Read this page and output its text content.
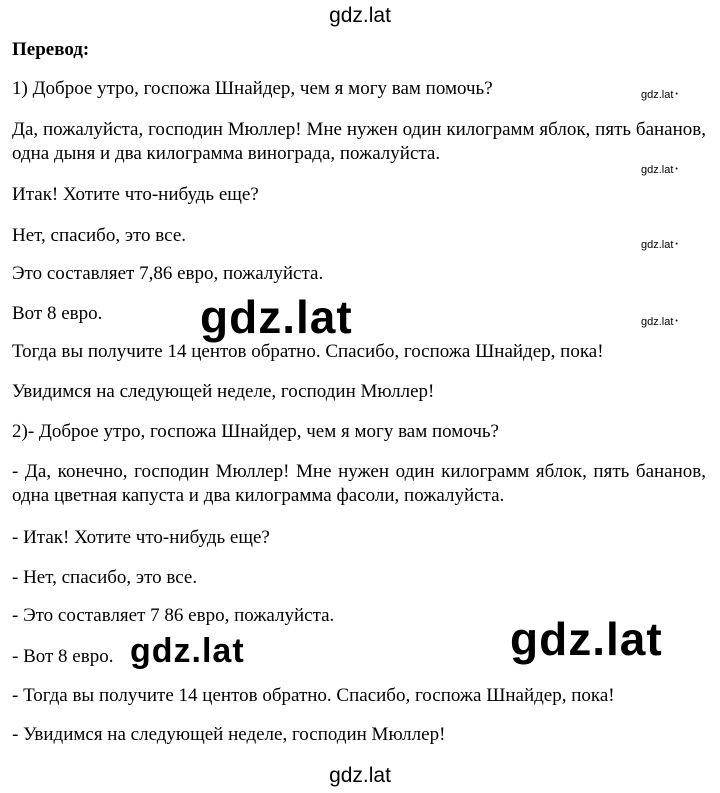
gdz.lat
Перевод:
1) Доброе утро, госпожа Шнайдер, чем я могу вам помочь?
Да, пожалуйста, господин Мюллер! Мне нужен один килограмм яблок, пять бананов, одна дыня и два килограмма винограда, пожалуйста.
Итак! Хотите что-нибудь еще?
Нет, спасибо, это все.
Это составляет 7,86 евро, пожалуйста.
Вот 8 евро.
Тогда вы получите 14 центов обратно. Спасибо, госпожа Шнайдер, пока!
Увидимся на следующей неделе, господин Мюллер!
2)- Доброе утро, госпожа Шнайдер, чем я могу вам помочь?
- Да, конечно, господин Мюллер! Мне нужен один килограмм яблок, пять бананов, одна цветная капуста и два килограмма фасоли, пожалуйста.
- Итак! Хотите что-нибудь еще?
- Нет, спасибо, это все.
- Это составляет 7 86 евро, пожалуйста.
- Вот 8 евро.
- Тогда вы получите 14 центов обратно. Спасибо, госпожа Шнайдер, пока!
- Увидимся на следующей неделе, господин Мюллер!
gdz.lat •
gdz.lat •
gdz.lat •
gdz.lat •
gdz.lat
gdz.lat	gdz.lat
gdz.lat
